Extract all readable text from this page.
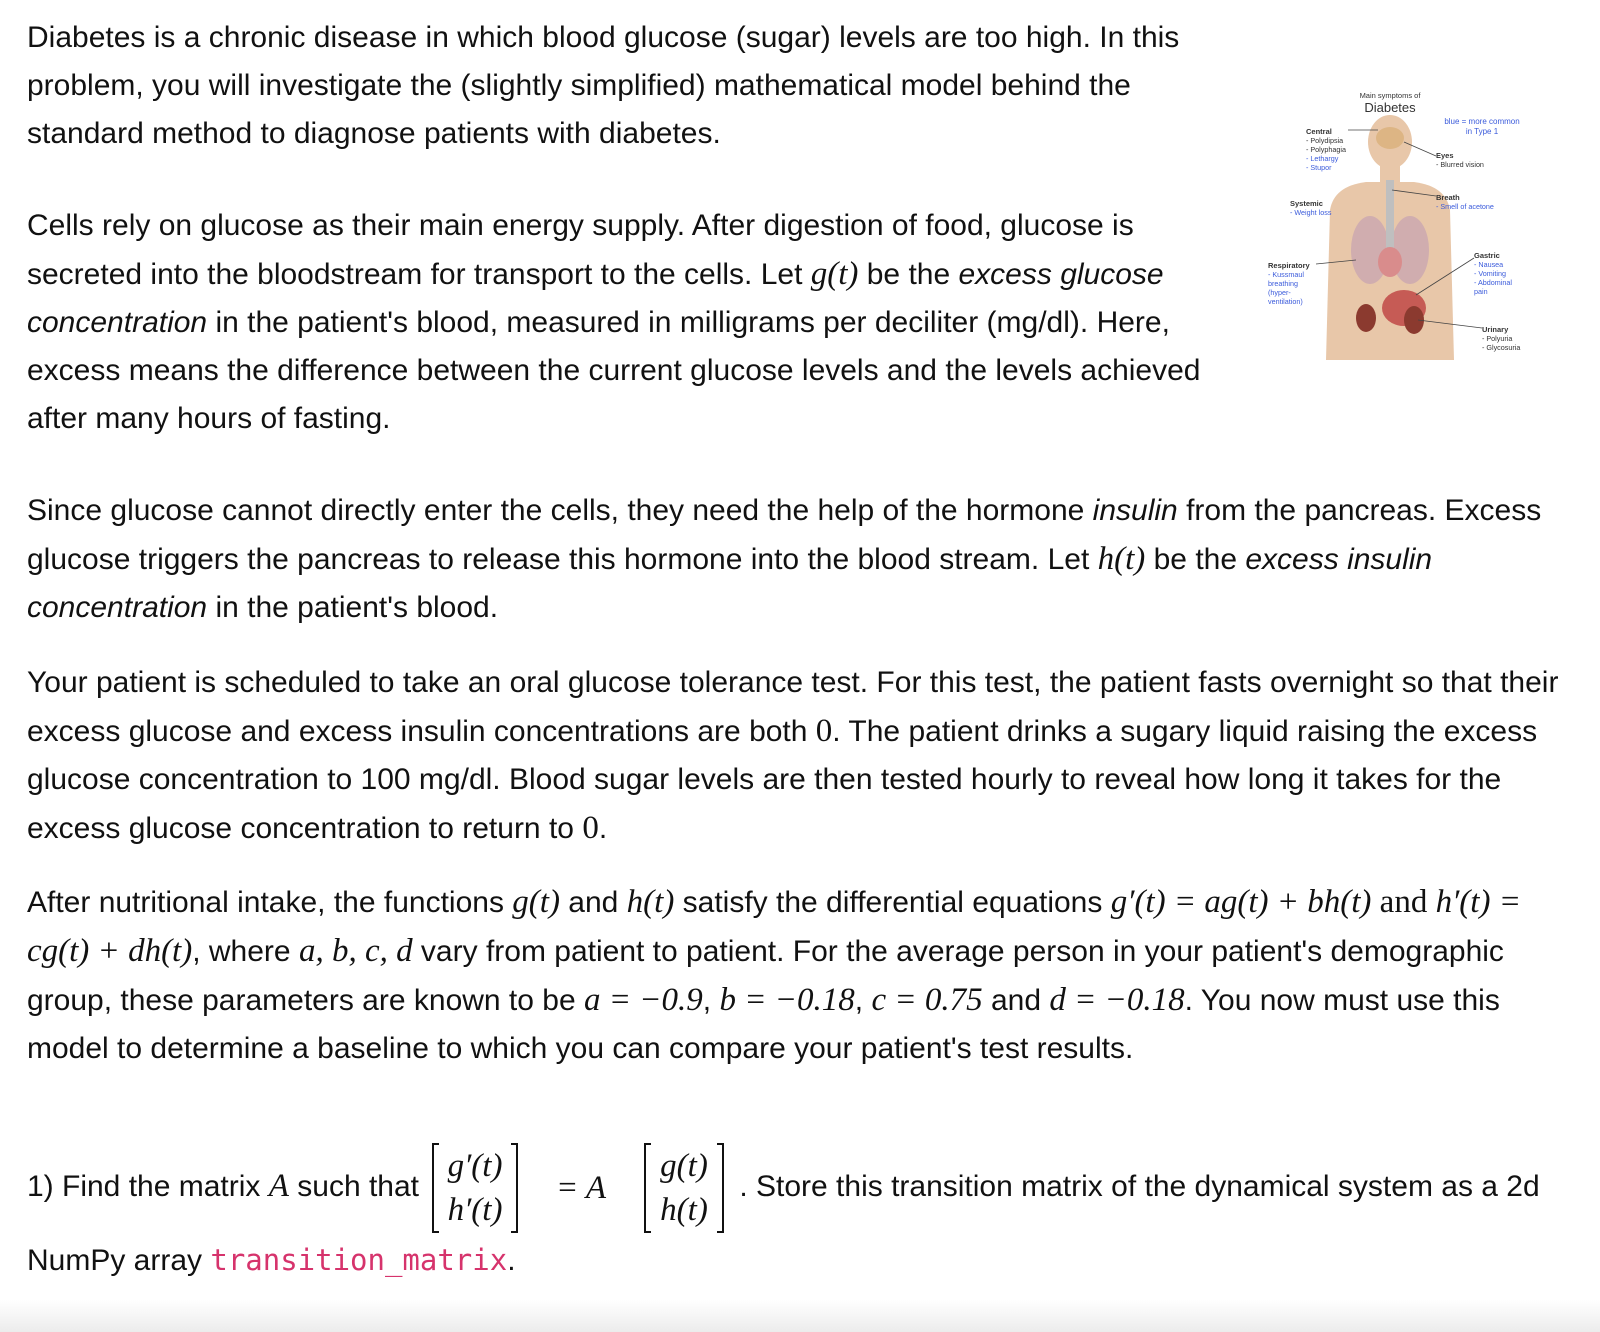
Diabetes is a chronic disease in which blood glucose (sugar) levels are too high. In this problem, you will investigate the (slightly simplified) mathematical model behind the standard method to diagnose patients with diabetes.

Cells rely on glucose as their main energy supply. After digestion of food, glucose is secreted into the bloodstream for transport to the cells. Let g(t) be the excess glucose concentration in the patient's blood, measured in milligrams per deciliter (mg/dl). Here, excess means the difference between the current glucose levels and the levels achieved after many hours of fasting.

Main symptoms of
Diabetes
blue = more common in Type 1
Central
- Polydipsia
- Polyphagia
- Lethargy
- Stupor
Systemic
- Weight loss
Respiratory
- Kussmaul
breathing
(hyper-
ventilation)
Eyes
- Blurred vision
Breath
- Smell of acetone
Gastric
- Nausea
- Vomiting
- Abdominal
pain
Urinary
- Polyuria
- Glycosuria

Since glucose cannot directly enter the cells, they need the help of the hormone insulin from the pancreas. Excess glucose triggers the pancreas to release this hormone into the blood stream. Let h(t) be the excess insulin concentration in the patient's blood.

Your patient is scheduled to take an oral glucose tolerance test. For this test, the patient fasts overnight so that their excess glucose and excess insulin concentrations are both 0. The patient drinks a sugary liquid raising the excess glucose concentration to 100 mg/dl. Blood sugar levels are then tested hourly to reveal how long it takes for the excess glucose concentration to return to 0.

After nutritional intake, the functions g(t) and h(t) satisfy the differential equations g′(t) = ag(t) + bh(t) and h′(t) = cg(t) + dh(t), where a, b, c, d vary from patient to patient. For the average person in your patient's demographic group, these parameters are known to be a = −0.9, b = −0.18, c = 0.75 and d = −0.18. You now must use this model to determine a baseline to which you can compare your patient's test results.

1) Find the matrix A such that
g′(t)
h′(t)
= A
g(t)
h(t)
. Store this transition matrix of the dynamical system as a 2d NumPy array transition_matrix.
